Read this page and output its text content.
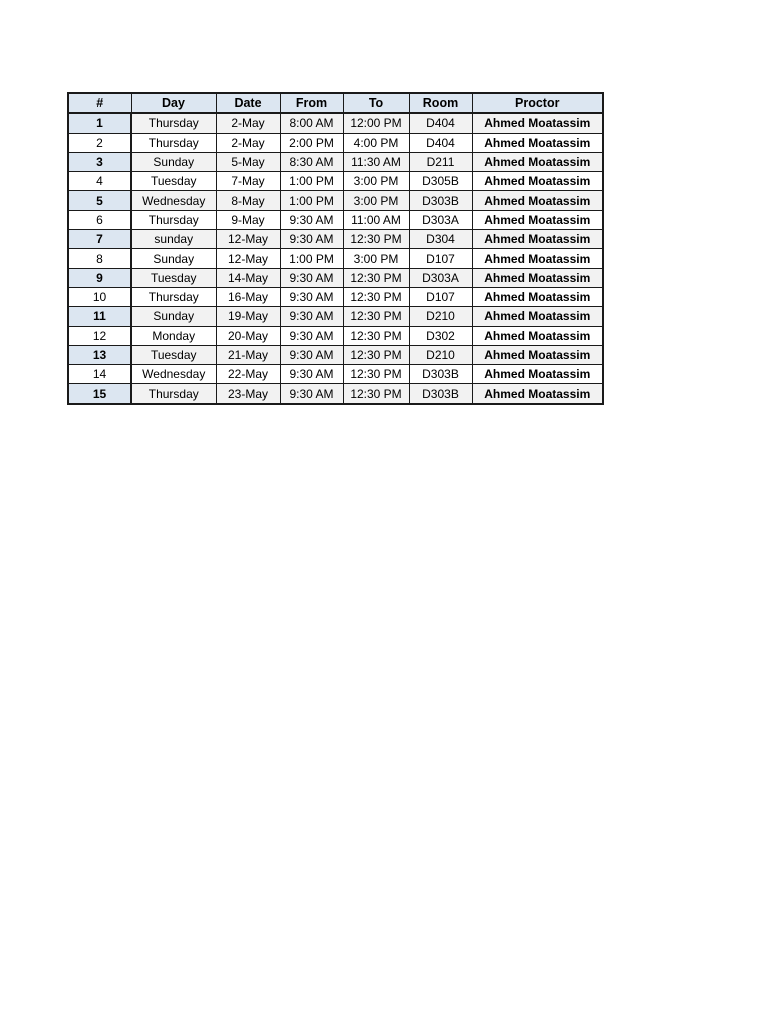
#	Day	Date	From	To	Room	Proctor
1	Thursday	2-May	8:00 AM	12:00 PM	D404	Ahmed Moatassim
2	Thursday	2-May	2:00 PM	4:00 PM	D404	Ahmed Moatassim
3	Sunday	5-May	8:30 AM	11:30 AM	D211	Ahmed Moatassim
4	Tuesday	7-May	1:00 PM	3:00 PM	D305B	Ahmed Moatassim
5	Wednesday	8-May	1:00 PM	3:00 PM	D303B	Ahmed Moatassim
6	Thursday	9-May	9:30 AM	11:00 AM	D303A	Ahmed Moatassim
7	sunday	12-May	9:30 AM	12:30 PM	D304	Ahmed Moatassim
8	Sunday	12-May	1:00 PM	3:00 PM	D107	Ahmed Moatassim
9	Tuesday	14-May	9:30 AM	12:30 PM	D303A	Ahmed Moatassim
10	Thursday	16-May	9:30 AM	12:30 PM	D107	Ahmed Moatassim
11	Sunday	19-May	9:30 AM	12:30 PM	D210	Ahmed Moatassim
12	Monday	20-May	9:30 AM	12:30 PM	D302	Ahmed Moatassim
13	Tuesday	21-May	9:30 AM	12:30 PM	D210	Ahmed Moatassim
14	Wednesday	22-May	9:30 AM	12:30 PM	D303B	Ahmed Moatassim
15	Thursday	23-May	9:30 AM	12:30 PM	D303B	Ahmed Moatassim
